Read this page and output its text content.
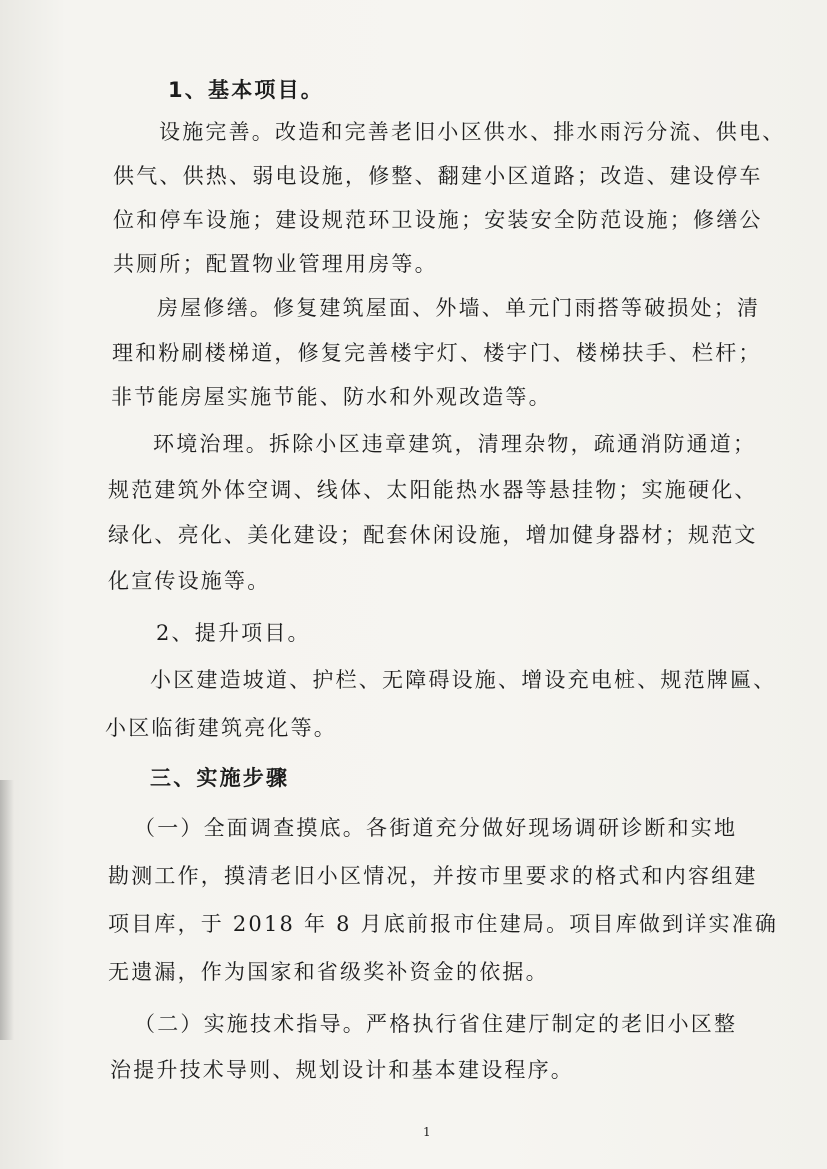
1、基本项目。
设施完善。改造和完善老旧小区供水、排水雨污分流、供电、
供气、供热、弱电设施，修整、翻建小区道路；改造、建设停车
位和停车设施；建设规范环卫设施；安装安全防范设施；修缮公
共厕所；配置物业管理用房等。
房屋修缮。修复建筑屋面、外墙、单元门雨搭等破损处；清
理和粉刷楼梯道，修复完善楼宇灯、楼宇门、楼梯扶手、栏杆；
非节能房屋实施节能、防水和外观改造等。
环境治理。拆除小区违章建筑，清理杂物，疏通消防通道；
规范建筑外体空调、线体、太阳能热水器等悬挂物；实施硬化、
绿化、亮化、美化建设；配套休闲设施，增加健身器材；规范文
化宣传设施等。
2、提升项目。
小区建造坡道、护栏、无障碍设施、增设充电桩、规范牌匾、
小区临街建筑亮化等。
三、实施步骤
（一）全面调查摸底。各街道充分做好现场调研诊断和实地
勘测工作，摸清老旧小区情况，并按市里要求的格式和内容组建
项目库，于 2018 年 8 月底前报市住建局。项目库做到详实准确
无遗漏，作为国家和省级奖补资金的依据。
（二）实施技术指导。严格执行省住建厅制定的老旧小区整
治提升技术导则、规划设计和基本建设程序。
1
